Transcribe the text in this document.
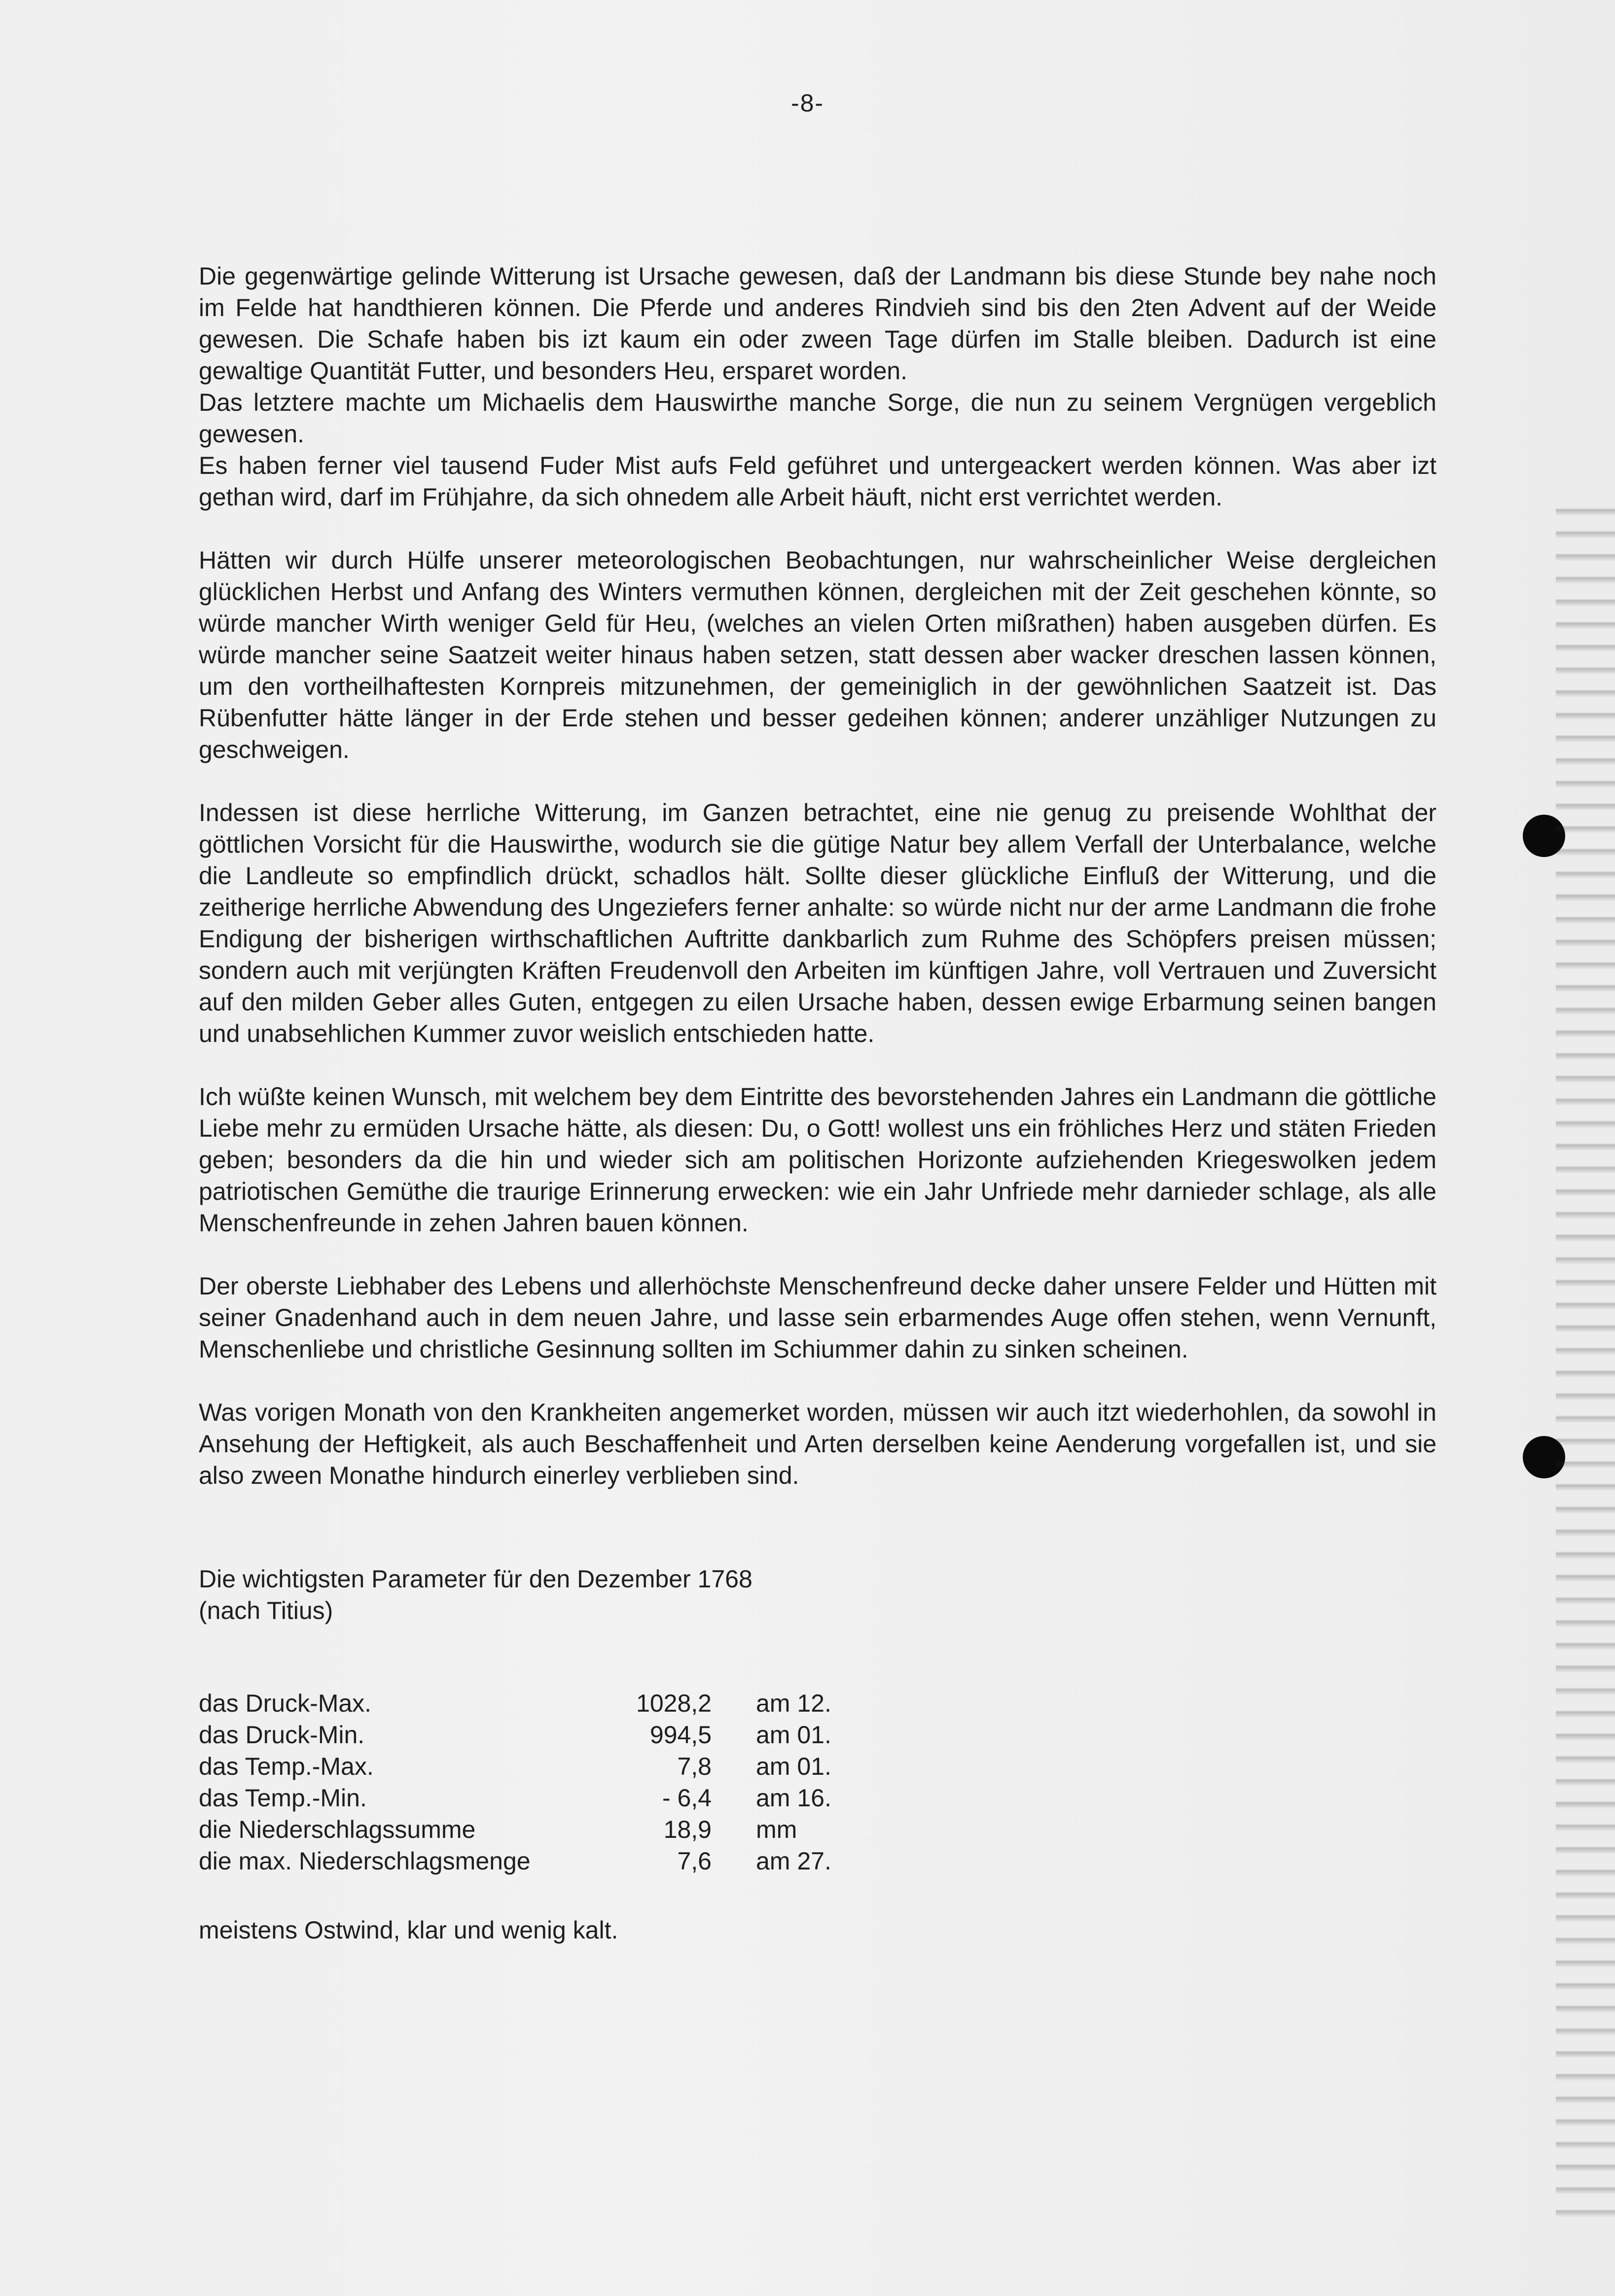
-8-

Die gegenwärtige gelinde Witterung ist Ursache gewesen, daß der Landmann bis diese Stunde bey nahe noch im Felde hat handthieren können. Die Pferde und anderes Rindvieh sind bis den 2ten Advent auf der Weide gewesen. Die Schafe haben bis izt kaum ein oder zween Tage dürfen im Stalle bleiben. Dadurch ist eine gewaltige Quantität Futter, und besonders Heu, ersparet worden.

Das letztere machte um Michaelis dem Hauswirthe manche Sorge, die nun zu seinem Vergnügen vergeblich gewesen.

Es haben ferner viel tausend Fuder Mist aufs Feld geführet und untergeackert werden können. Was aber izt gethan wird, darf im Frühjahre, da sich ohnedem alle Arbeit häuft, nicht erst verrichtet werden.

Hätten wir durch Hülfe unserer meteorologischen Beobachtungen, nur wahrscheinlicher Weise dergleichen glücklichen Herbst und Anfang des Winters vermuthen können, dergleichen mit der Zeit geschehen könnte, so würde mancher Wirth weniger Geld für Heu, (welches an vielen Orten mißrathen) haben ausgeben dürfen. Es würde mancher seine Saatzeit weiter hinaus haben setzen, statt dessen aber wacker dreschen lassen können, um den vortheilhaftesten Kornpreis mitzunehmen, der gemeiniglich in der gewöhnlichen Saatzeit ist. Das Rübenfutter hätte länger in der Erde stehen und besser gedeihen können; anderer unzähliger Nutzungen zu geschweigen.

Indessen ist diese herrliche Witterung, im Ganzen betrachtet, eine nie genug zu preisende Wohlthat der göttlichen Vorsicht für die Hauswirthe, wodurch sie die gütige Natur bey allem Verfall der Unterbalance, welche die Landleute so empfindlich drückt, schadlos hält. Sollte dieser glückliche Einfluß der Witterung, und die zeitherige herrliche Abwendung des Ungeziefers ferner anhalte: so würde nicht nur der arme Landmann die frohe Endigung der bisherigen wirthschaftlichen Auftritte dankbarlich zum Ruhme des Schöpfers preisen müssen; sondern auch mit verjüngten Kräften Freudenvoll den Arbeiten im künftigen Jahre, voll Vertrauen und Zuversicht auf den milden Geber alles Guten, entgegen zu eilen Ursache haben, dessen ewige Erbarmung seinen bangen und unabsehlichen Kummer zuvor weislich entschieden hatte.

Ich wüßte keinen Wunsch, mit welchem bey dem Eintritte des bevorstehenden Jahres ein Landmann die göttliche Liebe mehr zu ermüden Ursache hätte, als diesen: Du, o Gott! wollest uns ein fröhliches Herz und stäten Frieden geben; besonders da die hin und wieder sich am politischen Horizonte aufziehenden Kriegeswolken jedem patriotischen Gemüthe die traurige Erinnerung erwecken: wie ein Jahr Unfriede mehr darnieder schlage, als alle Menschenfreunde in zehen Jahren bauen können.

Der oberste Liebhaber des Lebens und allerhöchste Menschenfreund decke daher unsere Felder und Hütten mit seiner Gnadenhand auch in dem neuen Jahre, und lasse sein erbarmendes Auge offen stehen, wenn Vernunft, Menschenliebe und christliche Gesinnung sollten im Schiummer dahin zu sinken scheinen.

Was vorigen Monath von den Krankheiten angemerket worden, müssen wir auch itzt wiederhohlen, da sowohl in Ansehung der Heftigkeit, als auch Beschaffenheit und Arten derselben keine Aenderung vorgefallen ist, und sie also zween Monathe hindurch einerley verblieben sind.

Die wichtigsten Parameter für den Dezember 1768
(nach Titius)
das Druck-Max.	1028,2	am 12.
das Druck-Min.	994,5	am 01.
das Temp.-Max.	7,8	am 01.
das Temp.-Min.	- 6,4	am 16.
die Niederschlagssumme	18,9	mm
die max. Niederschlagsmenge	7,6	am 27.
meistens Ostwind, klar und wenig kalt.
